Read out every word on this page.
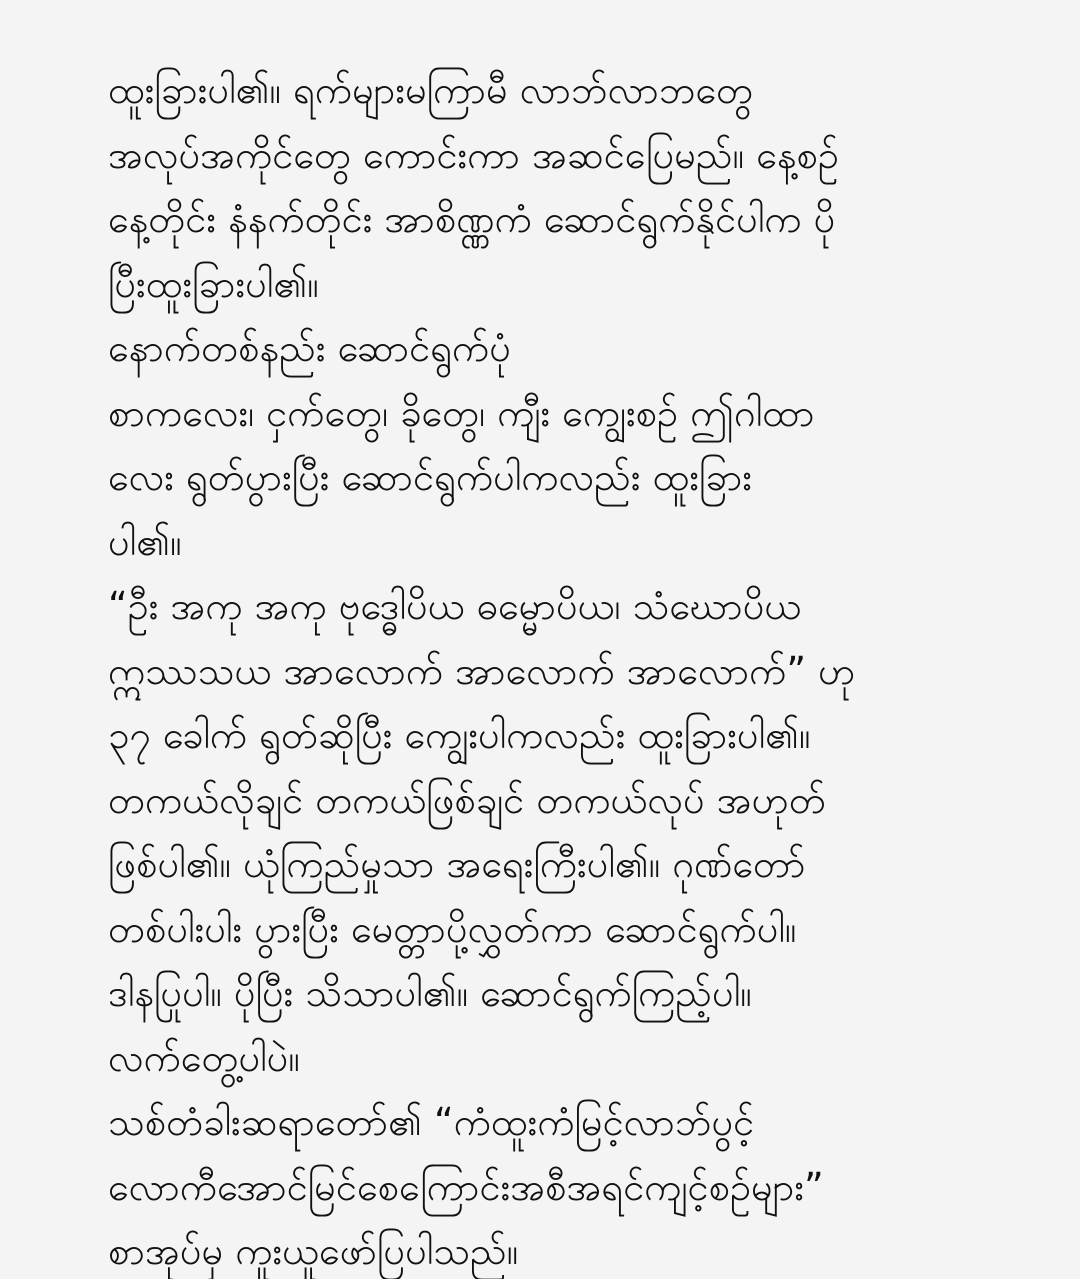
ထူးခြားပါ၏။ ရက်များမကြာမီ လာဘ်လာဘတွေ
အလုပ်အကိုင်တွေ ကောင်းကာ အဆင်ပြေမည်။ နေ့စဉ်
နေ့တိုင်း နံနက်တိုင်း အာစိဏ္ဏကံ ဆောင်ရွက်နိုင်ပါက ပို
ပြီးထူးခြားပါ၏။
နောက်တစ်နည်း ဆောင်ရွက်ပုံ
စာကလေး၊ ငှက်တွေ၊ ခိုတွေ၊ ကျီး ကျွေးစဉ် ဤဂါထာ
လေး ရွတ်ပွားပြီး ဆောင်ရွက်ပါကလည်း ထူးခြား
ပါ၏။
“ဦး အကု အကု ဗုဒ္ဓေါပိယ ဓမ္မောပိယ၊ သံဃောပိယ
ဣဿသယ အာလောက် အာလောက် အာလောက်” ဟု
၃၇ ခေါက် ရွတ်ဆိုပြီး ကျွေးပါကလည်း ထူးခြားပါ၏။
တကယ်လိုချင် တကယ်ဖြစ်ချင် တကယ်လုပ် အဟုတ်
ဖြစ်ပါ၏။ ယုံကြည်မှုသာ အရေးကြီးပါ၏။ ဂုဏ်တော်
တစ်ပါးပါး ပွားပြီး မေတ္တာပို့လွှတ်ကာ ဆောင်ရွက်ပါ။
ဒါနပြုပါ။ ပိုပြီး သိသာပါ၏။ ဆောင်ရွက်ကြည့်ပါ။
လက်တွေ့ပါပဲ။
သစ်တံခါးဆရာတော်၏ “ကံထူးကံမြင့်လာဘ်ပွင့်
လောကီအောင်မြင်စေကြောင်းအစီအရင်ကျင့်စဉ်များ”
စာအုပ်မှ ကူးယူဖော်ပြပါသည်။
